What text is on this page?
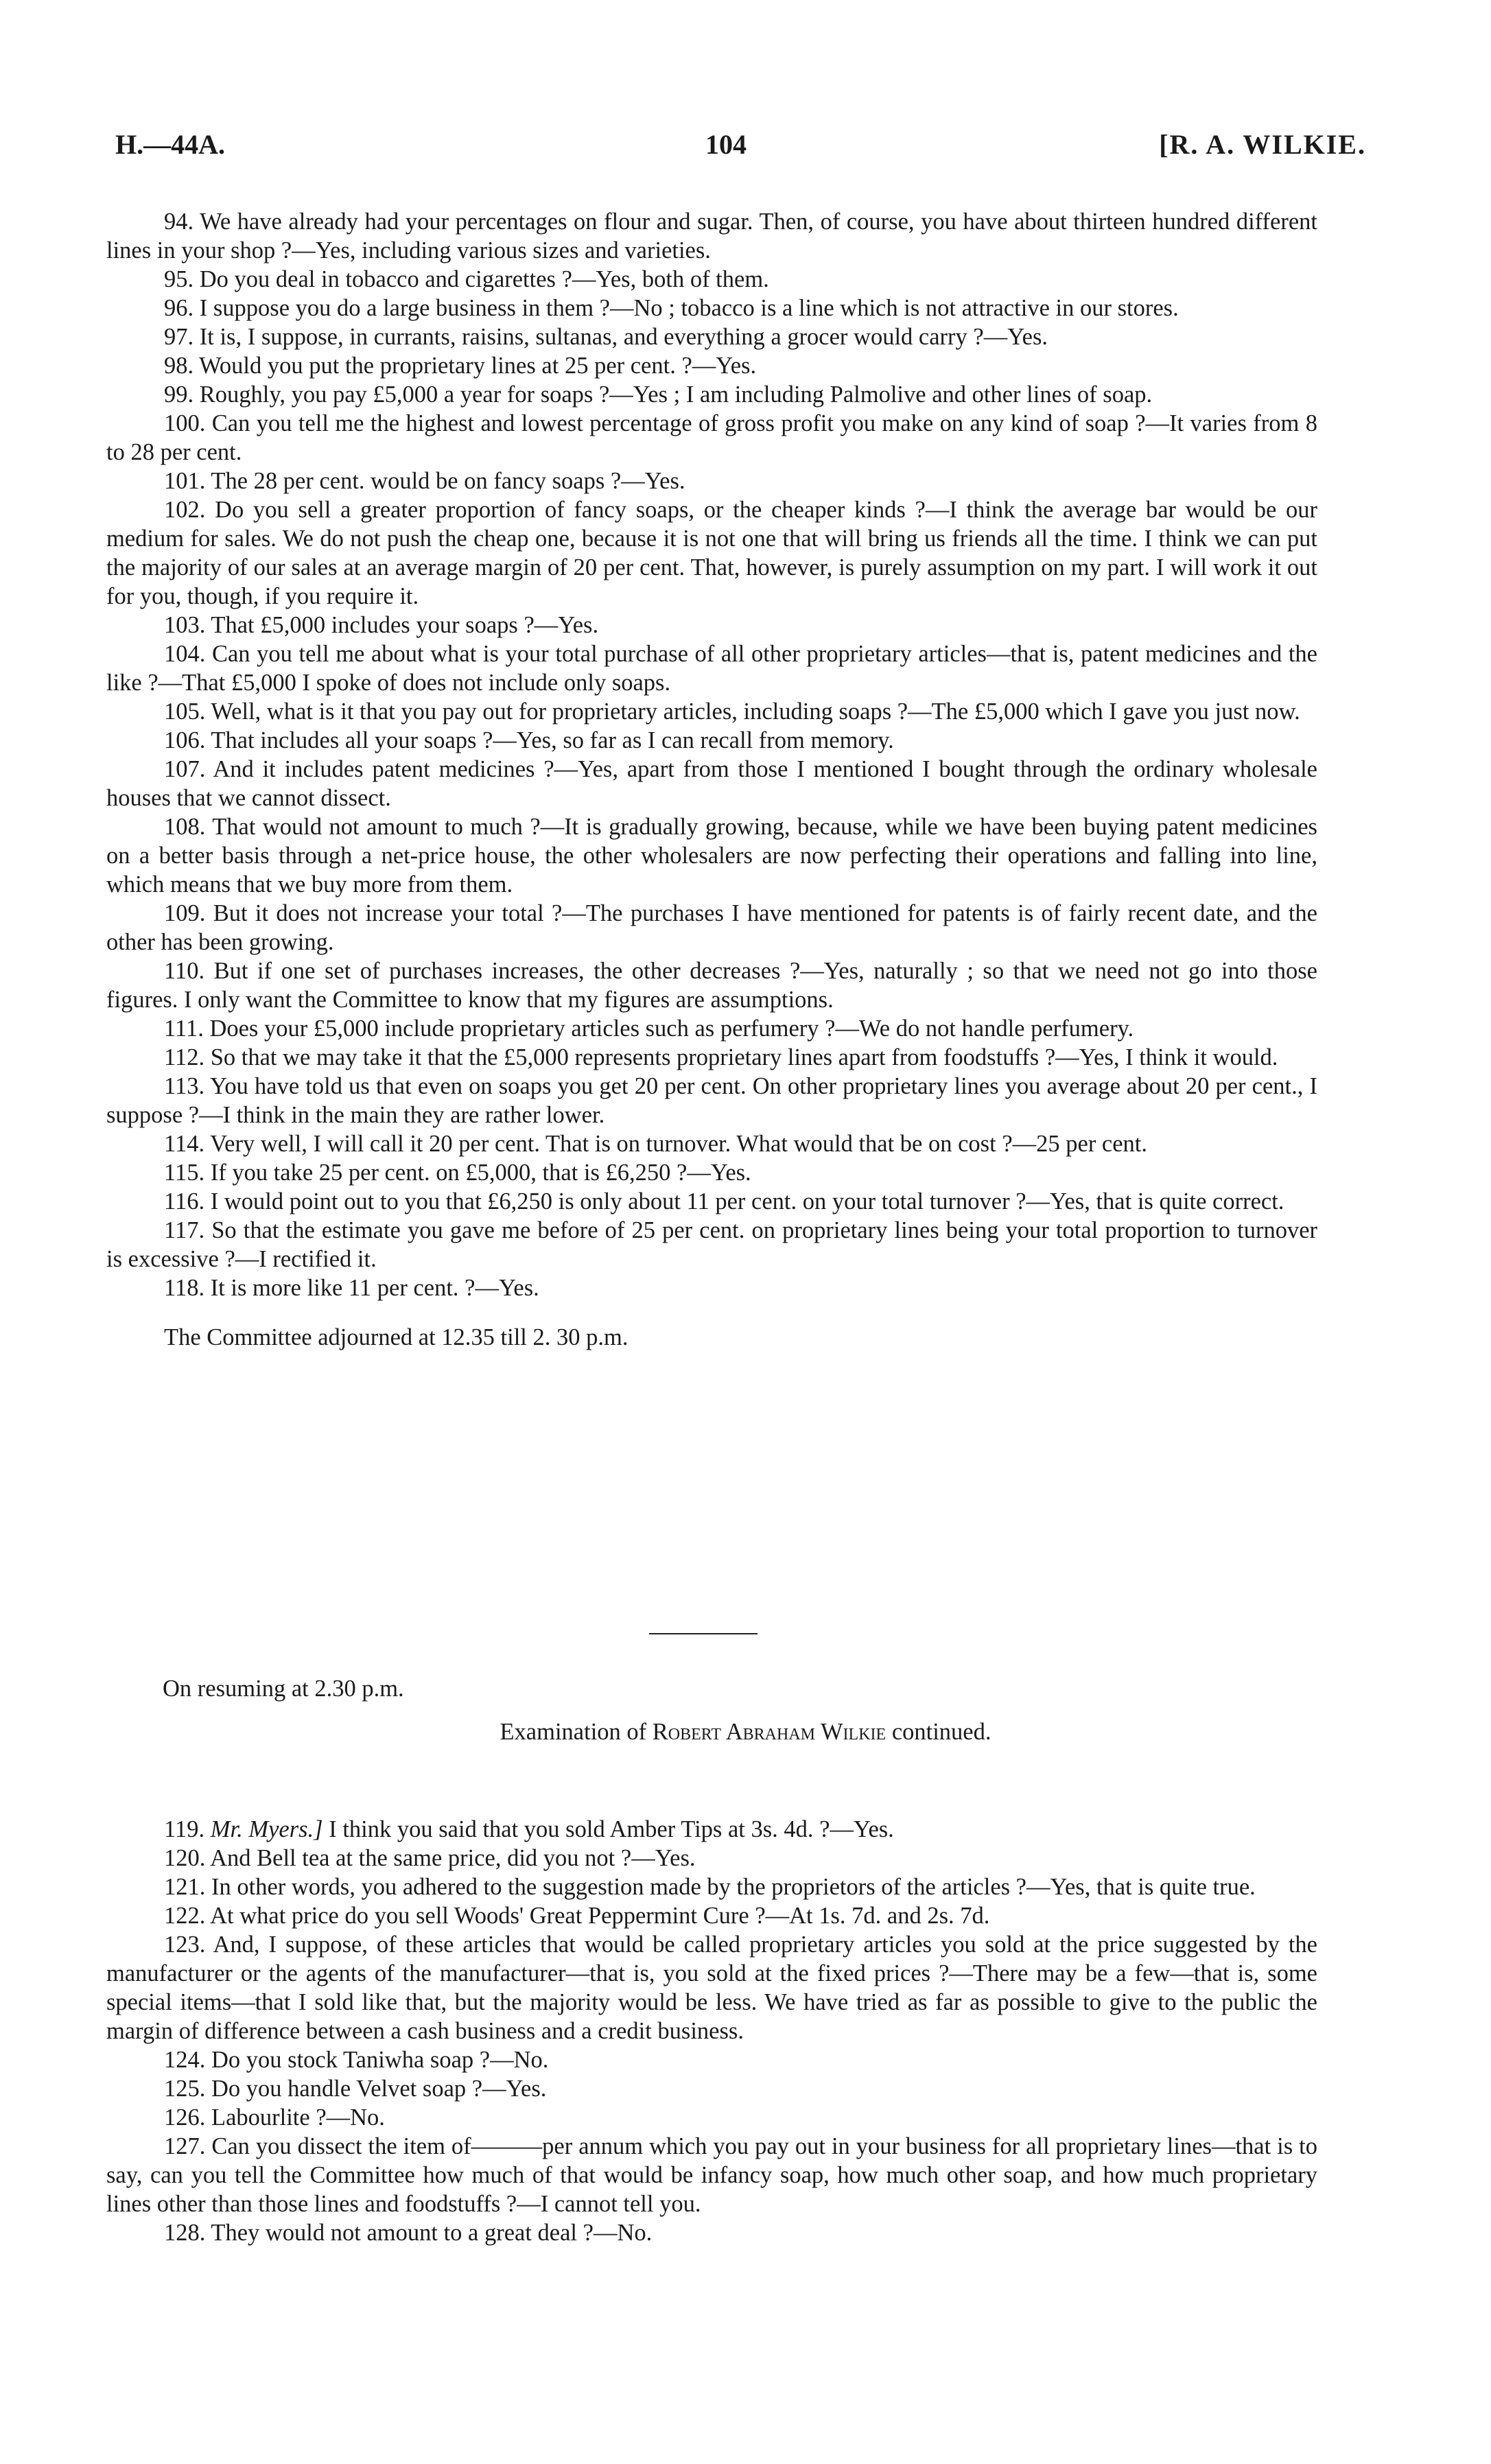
H.—44A.	104	[R. A. WILKIE.

94. We have already had your percentages on flour and sugar. Then, of course, you have about thirteen hundred different lines in your shop ?—Yes, including various sizes and varieties.

95. Do you deal in tobacco and cigarettes ?—Yes, both of them.

96. I suppose you do a large business in them ?—No ; tobacco is a line which is not attractive in our stores.

97. It is, I suppose, in currants, raisins, sultanas, and everything a grocer would carry ?—Yes.

98. Would you put the proprietary lines at 25 per cent. ?—Yes.

99. Roughly, you pay £5,000 a year for soaps ?—Yes ; I am including Palmolive and other lines of soap.

100. Can you tell me the highest and lowest percentage of gross profit you make on any kind of soap ?—It varies from 8 to 28 per cent.

101. The 28 per cent. would be on fancy soaps ?—Yes.

102. Do you sell a greater proportion of fancy soaps, or the cheaper kinds ?—I think the average bar would be our medium for sales. We do not push the cheap one, because it is not one that will bring us friends all the time. I think we can put the majority of our sales at an average margin of 20 per cent. That, however, is purely assumption on my part. I will work it out for you, though, if you require it.

103. That £5,000 includes your soaps ?—Yes.

104. Can you tell me about what is your total purchase of all other proprietary articles—that is, patent medicines and the like ?—That £5,000 I spoke of does not include only soaps.

105. Well, what is it that you pay out for proprietary articles, including soaps ?—The £5,000 which I gave you just now.

106. That includes all your soaps ?—Yes, so far as I can recall from memory.

107. And it includes patent medicines ?—Yes, apart from those I mentioned I bought through the ordinary wholesale houses that we cannot dissect.

108. That would not amount to much ?—It is gradually growing, because, while we have been buying patent medicines on a better basis through a net-price house, the other wholesalers are now perfecting their operations and falling into line, which means that we buy more from them.

109. But it does not increase your total ?—The purchases I have mentioned for patents is of fairly recent date, and the other has been growing.

110. But if one set of purchases increases, the other decreases ?—Yes, naturally ; so that we need not go into those figures. I only want the Committee to know that my figures are assumptions.

111. Does your £5,000 include proprietary articles such as perfumery ?—We do not handle perfumery.

112. So that we may take it that the £5,000 represents proprietary lines apart from foodstuffs ?—Yes, I think it would.

113. You have told us that even on soaps you get 20 per cent. On other proprietary lines you average about 20 per cent., I suppose ?—I think in the main they are rather lower.

114. Very well, I will call it 20 per cent. That is on turnover. What would that be on cost ?—25 per cent.

115. If you take 25 per cent. on £5,000, that is £6,250 ?—Yes.

116. I would point out to you that £6,250 is only about 11 per cent. on your total turnover ?—Yes, that is quite correct.

117. So that the estimate you gave me before of 25 per cent. on proprietary lines being your total proportion to turnover is excessive ?—I rectified it.

118. It is more like 11 per cent. ?—Yes.

The Committee adjourned at 12.35 till 2. 30 p.m.

On resuming at 2.30 p.m.

Examination of Robert Abraham Wilkie continued.

119. Mr. Myers.] I think you said that you sold Amber Tips at 3s. 4d. ?—Yes.

120. And Bell tea at the same price, did you not ?—Yes.

121. In other words, you adhered to the suggestion made by the proprietors of the articles ?—Yes, that is quite true.

122. At what price do you sell Woods' Great Peppermint Cure ?—At 1s. 7d. and 2s. 7d.

123. And, I suppose, of these articles that would be called proprietary articles you sold at the price suggested by the manufacturer or the agents of the manufacturer—that is, you sold at the fixed prices ?—There may be a few—that is, some special items—that I sold like that, but the majority would be less. We have tried as far as possible to give to the public the margin of difference between a cash business and a credit business.

124. Do you stock Taniwha soap ?—No.

125. Do you handle Velvet soap ?—Yes.

126. Labourlite ?—No.

127. Can you dissect the item of———per annum which you pay out in your business for all proprietary lines—that is to say, can you tell the Committee how much of that would be infancy soap, how much other soap, and how much proprietary lines other than those lines and foodstuffs ?—I cannot tell you.

128. They would not amount to a great deal ?—No.
